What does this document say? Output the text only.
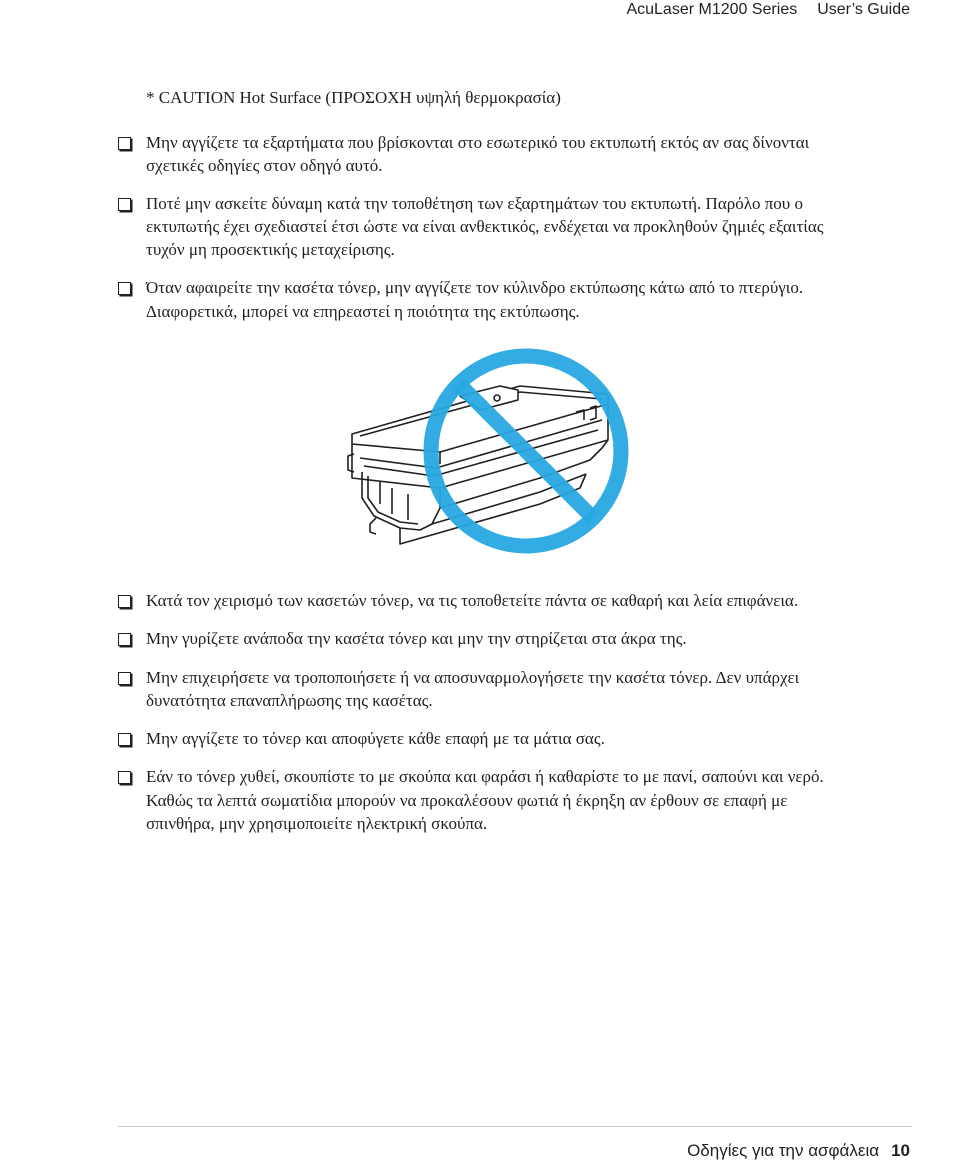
AcuLaser M1200 Series User’s Guide
* CAUTION Hot Surface (ΠΡΟΣΟΧΗ υψηλή θερμοκρασία)
Μην αγγίζετε τα εξαρτήματα που βρίσκονται στο εσωτερικό του εκτυπωτή εκτός αν σας δίνονται σχετικές οδηγίες στον οδηγό αυτό.
Ποτέ μην ασκείτε δύναμη κατά την τοποθέτηση των εξαρτημάτων του εκτυπωτή. Παρόλο που ο εκτυπωτής έχει σχεδιαστεί έτσι ώστε να είναι ανθεκτικός, ενδέχεται να προκληθούν ζημιές εξαιτίας τυχόν μη προσεκτικής μεταχείρισης.
Όταν αφαιρείτε την κασέτα τόνερ, μην αγγίζετε τον κύλινδρο εκτύπωσης κάτω από το πτερύγιο. Διαφορετικά, μπορεί να επηρεαστεί η ποιότητα της εκτύπωσης.
Κατά τον χειρισμό των κασετών τόνερ, να τις τοποθετείτε πάντα σε καθαρή και λεία επιφάνεια.
Μην γυρίζετε ανάποδα την κασέτα τόνερ και μην την στηρίζεται στα άκρα της.
Μην επιχειρήσετε να τροποποιήσετε ή να αποσυναρμολογήσετε την κασέτα τόνερ. Δεν υπάρχει δυνατότητα επαναπλήρωσης της κασέτας.
Μην αγγίζετε το τόνερ και αποφύγετε κάθε επαφή με τα μάτια σας.
Εάν το τόνερ χυθεί, σκουπίστε το με σκούπα και φαράσι ή καθαρίστε το με πανί, σαπούνι και νερό. Καθώς τα λεπτά σωματίδια μπορούν να προκαλέσουν φωτιά ή έκρηξη αν έρθουν σε επαφή με σπινθήρα, μην χρησιμοποιείτε ηλεκτρική σκούπα.
Οδηγίες για την ασφάλεια 10
